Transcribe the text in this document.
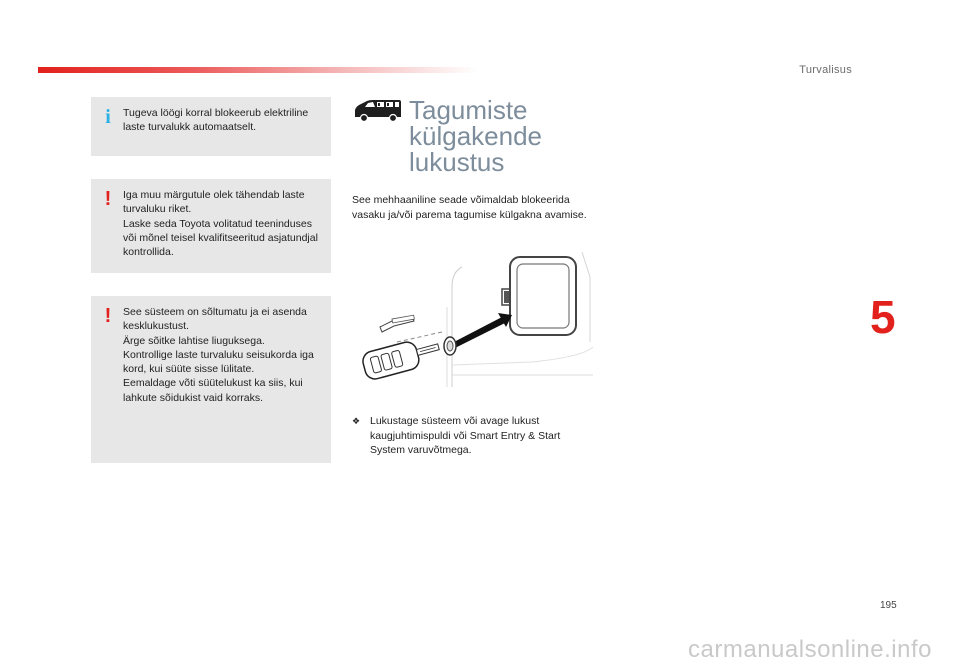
Turvalisus
5
195
i Tugeva löögi korral blokeerub elektriline laste turvalukk automaatselt.
! Iga muu märgutule olek tähendab laste turvaluku riket.
Laske seda Toyota volitatud teeninduses või mõnel teisel kvalifitseeritud asjatundjal kontrollida.
! See süsteem on sõltumatu ja ei asenda kesklukustust.
Ärge sõitke lahtise liuguksega.
Kontrollige laste turvaluku seisukorda iga kord, kui süüte sisse lülitate.
Eemaldage võti süütelukust ka siis, kui lahkute sõidukist vaid korraks.
Tagumiste
külgakende
lukustus
See mehhaaniline seade võimaldab blokeerida vasaku ja/või parema tagumise külgakna avamise.
❖ Lukustage süsteem või avage lukust kaugjuhtimispuldi või Smart Entry & Start System varuvõtmega.
carmanualsonline.info
